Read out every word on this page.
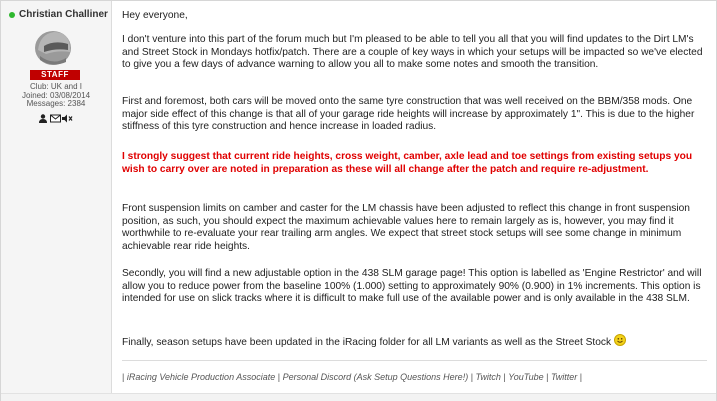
Christian Challiner
STAFF
Club: UK and I
Joined: 03/08/2014
Messages: 2384

Hey everyone,

I don't venture into this part of the forum much but I'm pleased to be able to tell you all that you will find updates to the Dirt LM's and Street Stock in Mondays hotfix/patch. There are a couple of key ways in which your setups will be impacted so we've elected to give you a few days of advance warning to allow you all to make some notes and smooth the transition.

First and foremost, both cars will be moved onto the same tyre construction that was well received on the BBM/358 mods. One major side effect of this change is that all of your garage ride heights will increase by approximately 1". This is due to the higher stiffness of this tyre construction and hence increase in loaded radius.

I strongly suggest that current ride heights, cross weight, camber, axle lead and toe settings from existing setups you wish to carry over are noted in preparation as these will all change after the patch and require re-adjustment.

Front suspension limits on camber and caster for the LM chassis have been adjusted to reflect this change in front suspension position, as such, you should expect the maximum achievable values here to remain largely as is, however, you may find it worthwhile to re-evaluate your rear trailing arm angles. We expect that street stock setups will see some change in minimum achievable rear ride heights.

Secondly, you will find a new adjustable option in the 438 SLM garage page! This option is labelled as 'Engine Restrictor' and will allow you to reduce power from the baseline 100% (1.000) setting to approximately 90% (0.900) in 1% increments. This option is intended for use on slick tracks where it is difficult to make full use of the available power and is only available in the 438 SLM.

Finally, season setups have been updated in the iRacing folder for all LM variants as well as the Street Stock

| iRacing Vehicle Production Associate | Personal Discord (Ask Setup Questions Here!) | Twitch | YouTube | Twitter |
